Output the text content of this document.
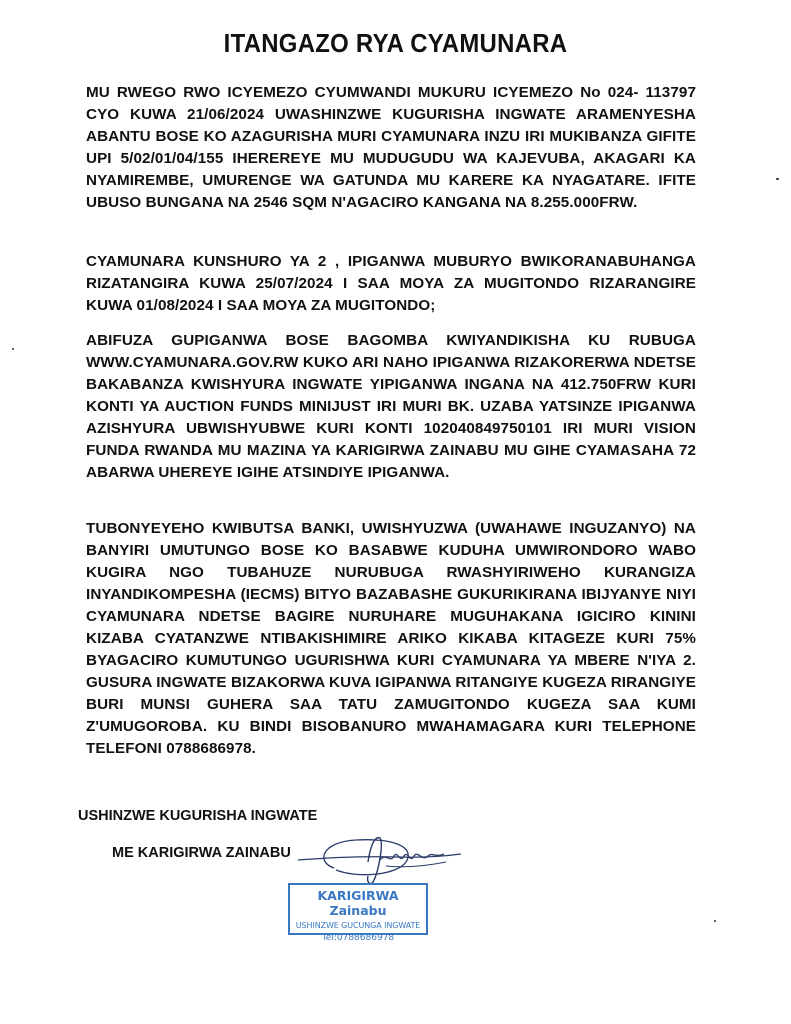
ITANGAZO RYA CYAMUNARA

MU RWEGO RWO ICYEMEZO CYUMWANDI MUKURU ICYEMEZO No 024- 113797 CYO KUWA 21/06/2024 UWASHINZWE KUGURISHA INGWATE ARAMENYESHA ABANTU BOSE KO AZAGURISHA MURI CYAMUNARA INZU IRI MUKIBANZA GIFITE UPI 5/02/01/04/155 IHEREREYE MU MUDUGUDU WA KAJEVUBA, AKAGARI KA NYAMIREMBE, UMURENGE WA GATUNDA MU KARERE KA NYAGATARE. IFITE UBUSO BUNGANA NA 2546 SQM N'AGACIRO KANGANA NA 8.255.000FRW.

CYAMUNARA KUNSHURO YA 2 , IPIGANWA MUBURYO BWIKORANABUHANGA RIZATANGIRA KUWA 25/07/2024 I SAA MOYA ZA MUGITONDO RIZARANGIRE KUWA 01/08/2024 I SAA MOYA ZA MUGITONDO;

ABIFUZA GUPIGANWA BOSE BAGOMBA KWIYANDIKISHA KU RUBUGA WWW.CYAMUNARA.GOV.RW KUKO ARI NAHO IPIGANWA RIZAKORERWA NDETSE BAKABANZA KWISHYURA INGWATE YIPIGANWA INGANA NA 412.750FRW KURI KONTI YA AUCTION FUNDS MINIJUST IRI MURI BK. UZABA YATSINZE IPIGANWA AZISHYURA UBWISHYUBWE KURI KONTI 102040849750101 IRI MURI VISION FUNDA RWANDA MU MAZINA YA KARIGIRWA ZAINABU MU GIHE CYAMASAHA 72 ABARWA UHEREYE IGIHE ATSINDIYE IPIGANWA.

TUBONYEYEHO KWIBUTSA BANKI, UWISHYUZWA (UWAHAWE INGUZANYO) NA BANYIRI UMUTUNGO BOSE KO BASABWE KUDUHA UMWIRONDORO WABO KUGIRA NGO TUBAHUZE NURUBUGA RWASHYIRIWEHO KURANGIZA INYANDIKOMPESHA (IECMS) BITYO BAZABASHE GUKURIKIRANA IBIJYANYE NIYI CYAMUNARA NDETSE BAGIRE NURUHARE MUGUHAKANA IGICIRO KININI KIZABA CYATANZWE NTIBAKISHIMIRE ARIKO KIKABA KITAGEZE KURI 75% BYAGACIRO KUMUTUNGO UGURISHWA KURI CYAMUNARA YA MBERE N'IYA 2. GUSURA INGWATE BIZAKORWA KUVA IGIPANWA RITANGIYE KUGEZA RIRANGIYE BURI MUNSI GUHERA SAA TATU ZAMUGITONDO KUGEZA SAA KUMI Z'UMUGOROBA. KU BINDI BISOBANURO MWAHAMAGARA KURI TELEPHONE TELEFONI 0788686978.

USHINZWE KUGURISHA INGWATE
ME KARIGIRWA ZAINABU
KARIGIRWA Zainabu
USHINZWE GUCUNGA INGWATE
Tel:0788686978
